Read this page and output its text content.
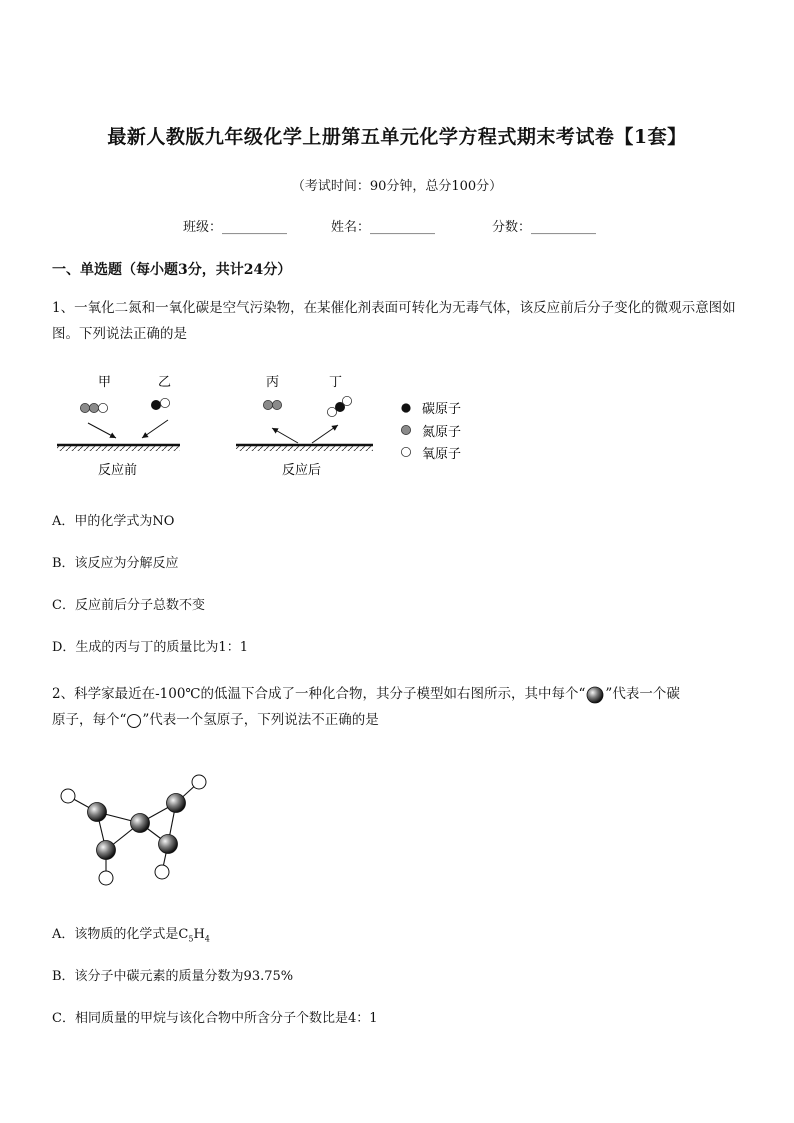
最新人教版九年级化学上册第五单元化学方程式期末考试卷【1套】
（考试时间：90分钟，总分100分）
班级：__________	姓名：__________	分数：__________
一、单选题（每小题3分，共计24分）
1、一氧化二氮和一氧化碳是空气污染物，在某催化剂表面可转化为无毒气体，该反应前后分子变化的微观示意图如图。下列说法正确的是
甲	乙	丙	丁
反应前	反应后
碳原子
氮原子
氧原子
A．甲的化学式为NO
B．该反应为分解反应
C．反应前后分子总数不变
D．生成的丙与丁的质量比为1：1
2、科学家最近在-100℃的低温下合成了一种化合物，其分子模型如右图所示，其中每个“ ”代表一个碳
原子，每个“ ”代表一个氢原子，下列说法不正确的是
A．该物质的化学式是$C_5H_4$
B．该分子中碳元素的质量分数为93.75%
C．相同质量的甲烷与该化合物中所含分子个数比是4：1
